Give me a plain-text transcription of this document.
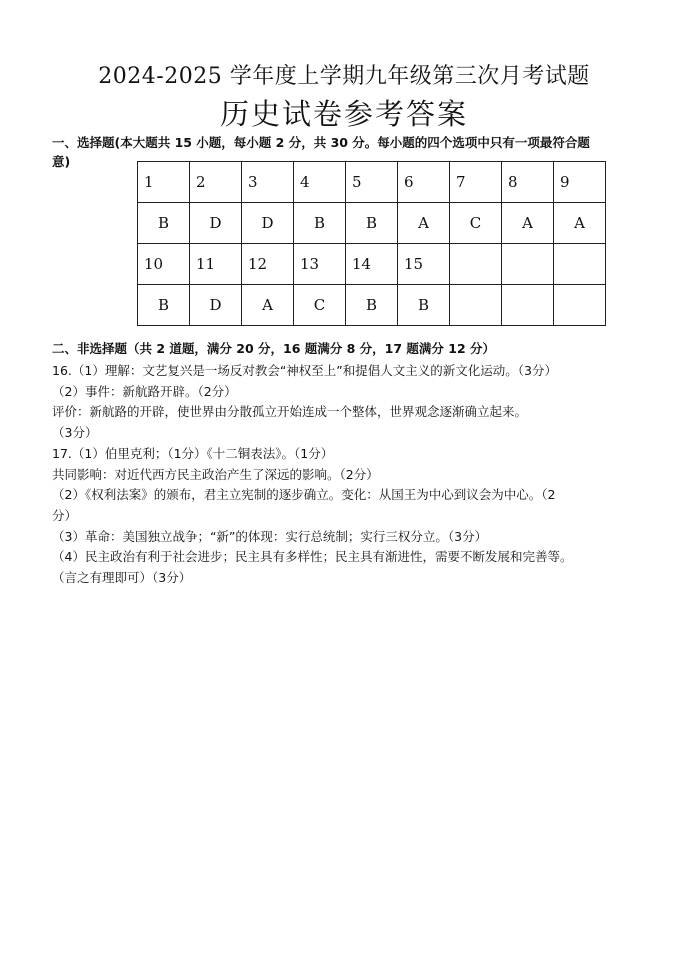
2024-2025 学年度上学期九年级第三次月考试题
历史试卷参考答案
一、选择题(本大题共 15 小题，每小题 2 分，共 30 分。每小题的四个选项中只有一项最符合题
意)
1	2	3	4	5	6	7	8	9
B	D	D	B	B	A	C	A	A
10	11	12	13	14	15			
B	D	A	C	B	B			
二、非选择题（共 2 道题，满分 20 分，16 题满分 8 分，17 题满分 12 分）
16.（1）理解：文艺复兴是一场反对教会“神权至上”和提倡人文主义的新文化运动。（3分）
（2）事件：新航路开辟。（2分）
评价：新航路的开辟，使世界由分散孤立开始连成一个整体，世界观念逐渐确立起来。
（3分）
17.（1）伯里克利；（1分）《十二铜表法》。（1分）
共同影响：对近代西方民主政治产生了深远的影响。（2分）
（2）《权利法案》的颁布，君主立宪制的逐步确立。变化：从国王为中心到议会为中心。（2
分）
（3）革命：美国独立战争；“新”的体现：实行总统制；实行三权分立。（3分）
（4）民主政治有利于社会进步；民主具有多样性；民主具有渐进性，需要不断发展和完善等。
（言之有理即可）（3分）
